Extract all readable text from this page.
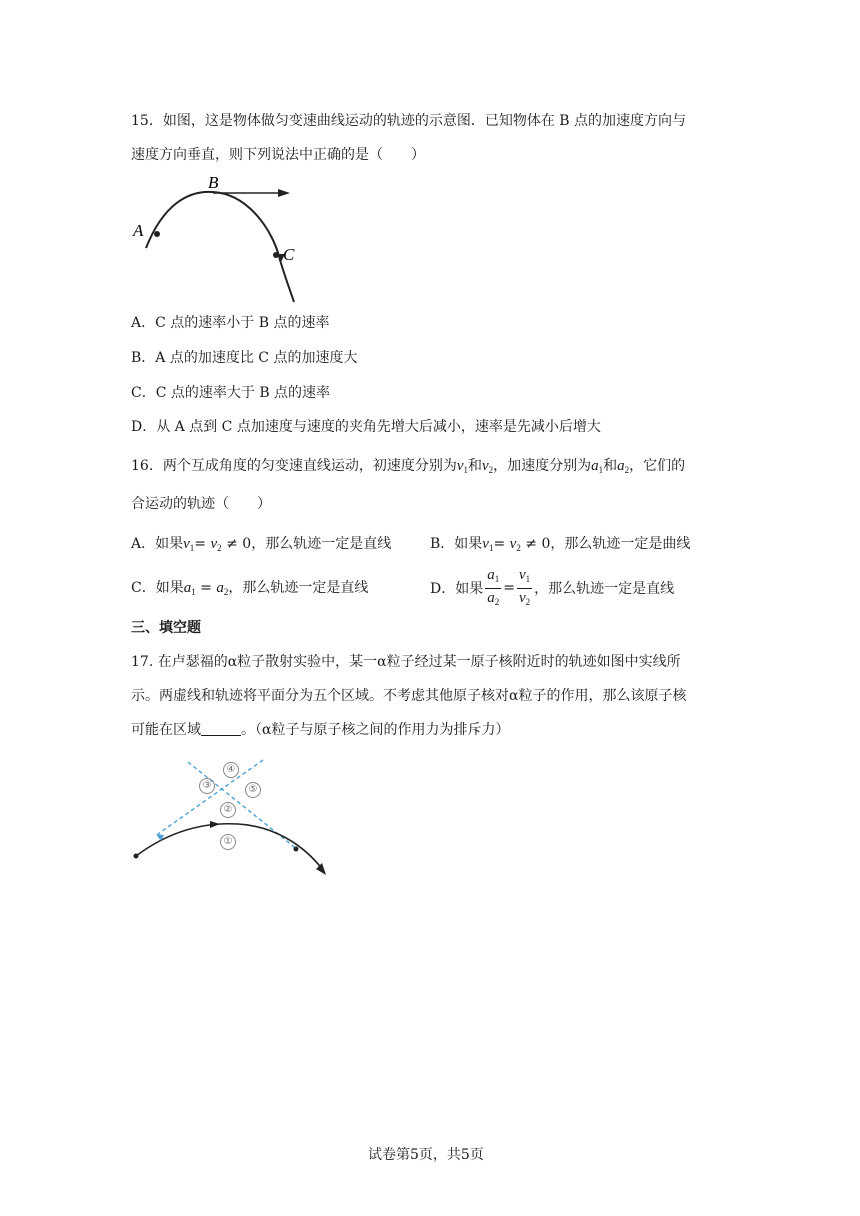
15．如图，这是物体做匀变速曲线运动的轨迹的示意图．已知物体在 B 点的加速度方向与
速度方向垂直，则下列说法中正确的是（　　）
A
B
C
A．C 点的速率小于 B 点的速率
B．A 点的加速度比 C 点的加速度大
C．C 点的速率大于 B 点的速率
D．从 A 点到 C 点加速度与速度的夹角先增大后减小，速率是先减小后增大
16．两个互成角度的匀变速直线运动，初速度分别为$v_1$和$v_2$，加速度分别为$a_1$和$a_2$，它们的
合运动的轨迹（　　）
A．如果$v_1= v_2 \ne 0$，那么轨迹一定是直线	B．如果$v_1= v_2 \ne 0$，那么轨迹一定是曲线
C．如果$a_1 = a_2$，那么轨迹一定是直线	D．如果 $\frac{a_1}{a_2} = \frac{v_1}{v_2}$ ，那么轨迹一定是直线
三、填空题
17. 在卢瑟福的α粒子散射实验中，某一α粒子经过某一原子核附近时的轨迹如图中实线所
示。两虚线和轨迹将平面分为五个区域。不考虑其他原子核对α粒子的作用，那么该原子核
可能在区域	。（α粒子与原子核之间的作用力为排斥力）
①
②
③
④
⑤
试卷第5页，共5页
